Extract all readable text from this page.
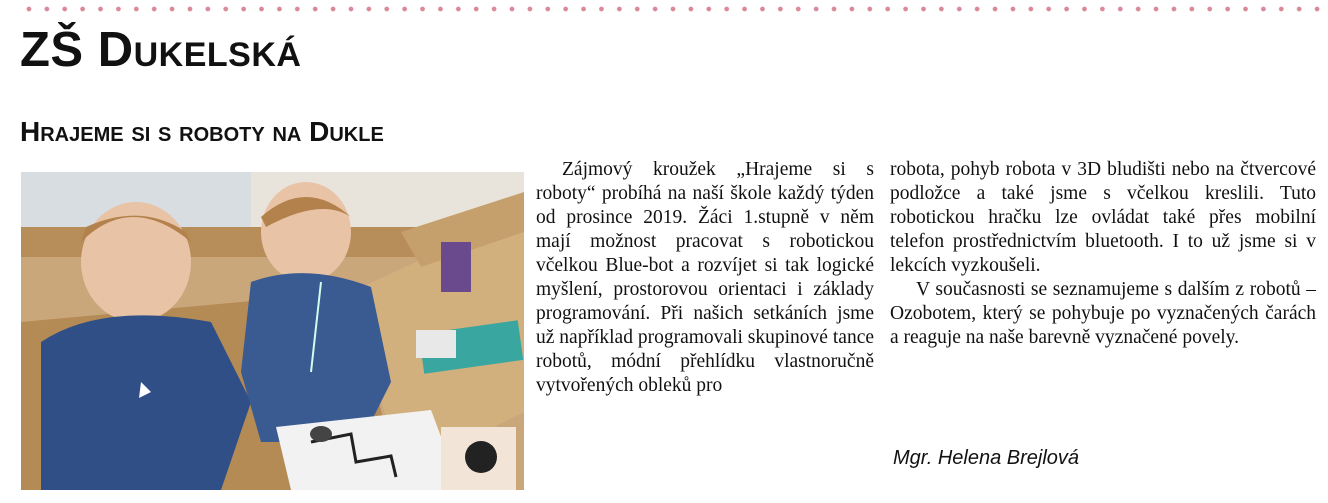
ZŠ Dukelská
Hrajeme si s roboty na Dukle

Zájmový kroužek „Hrajeme si s roboty“ probíhá na naší škole každý týden od prosince 2019. Žáci 1.stupně v něm mají možnost pracovat s robotickou včelkou Blue-bot a rozvíjet si tak logické myšlení, prostorovou orientaci i základy programování. Při našich setkáních jsme už například programovali skupinové tance robotů, módní přehlídku vlastnoručně vytvořených obleků pro

robota, pohyb robota v 3D bludišti nebo na čtvercové podložce a také jsme s včelkou kreslili. Tuto robotickou hračku lze ovládat také přes mobilní telefon prostřednictvím bluetooth. I to už jsme si v lekcích vyzkoušeli.

V současnosti se seznamujeme s dalším z robotů – Ozobotem, který se pohybuje po vyznačených čarách a reaguje na naše barevně vyznačené povely.

Mgr. Helena Brejlová
